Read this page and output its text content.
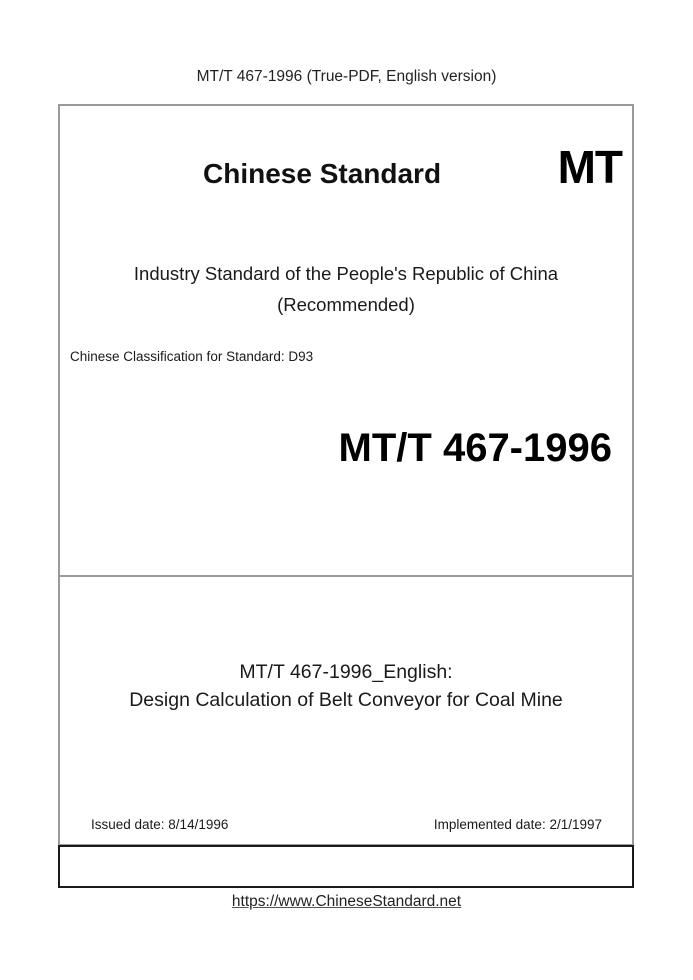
MT/T 467-1996 (True-PDF, English version)
Chinese Standard	MT
Industry Standard of the People's Republic of China
(Recommended)
Chinese Classification for Standard: D93
MT/T 467-1996
MT/T 467-1996_English:
Design Calculation of Belt Conveyor for Coal Mine
Issued date: 8/14/1996	Implemented date: 2/1/1997
https://www.ChineseStandard.net
